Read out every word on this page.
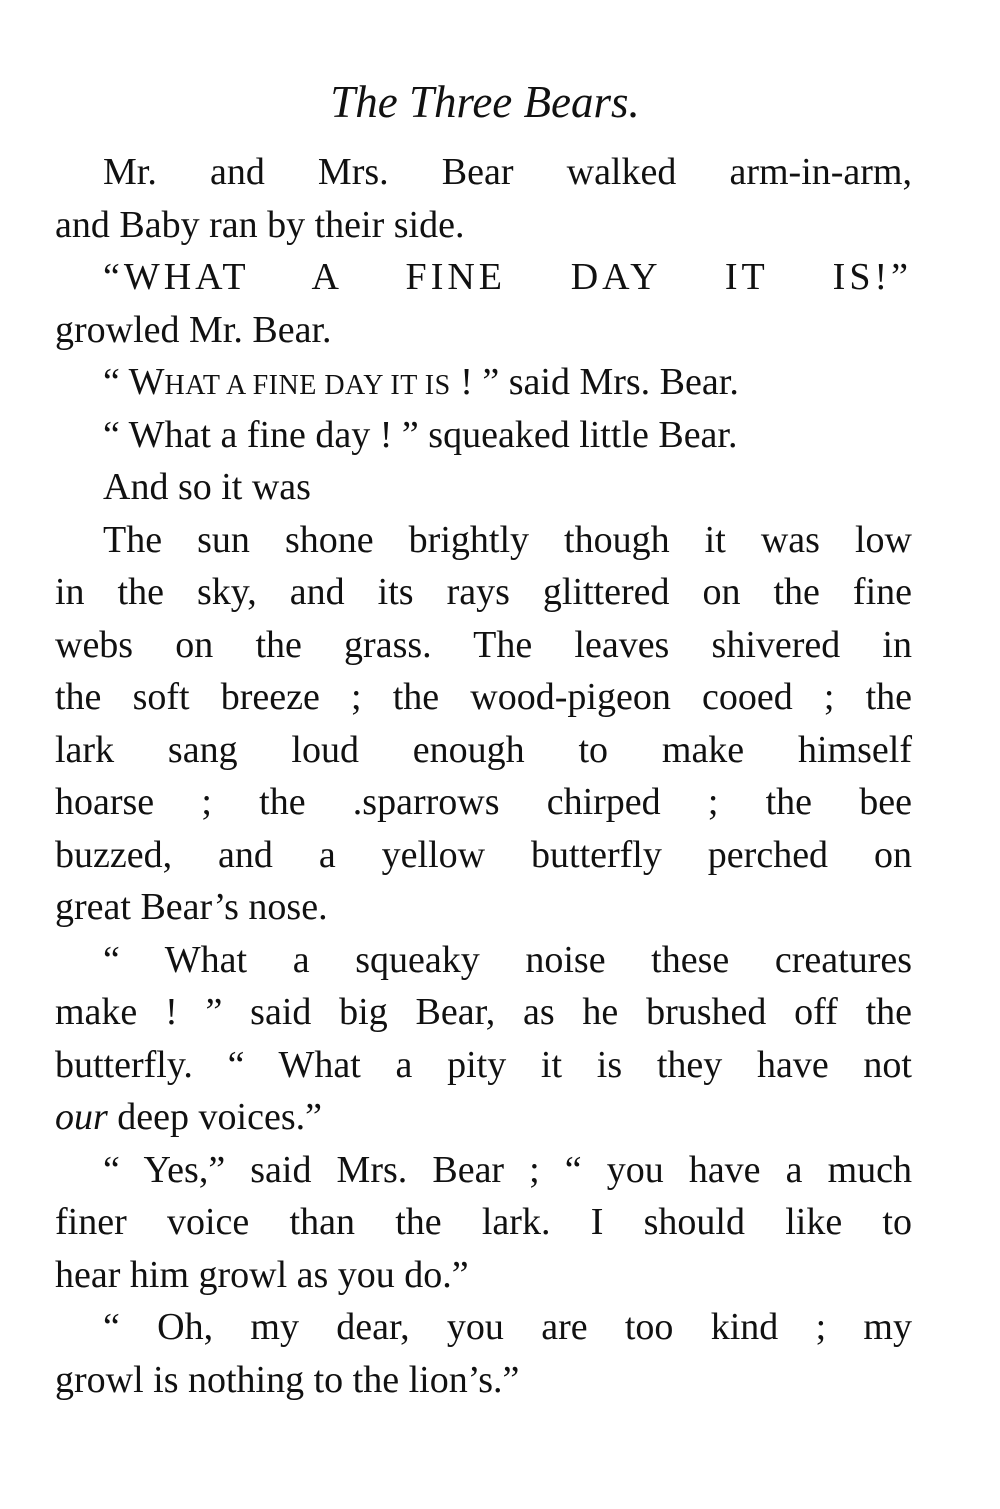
The Three Bears.
Mr. and Mrs. Bear walked arm-in-arm,
and Baby ran by their side.
“WHAT A FINE DAY IT IS!”
growled Mr. Bear.
“ WHAT A FINE DAY IT IS ! ” said Mrs. Bear.
“ What a fine day ! ” squeaked little Bear.
And so it was
The sun shone brightly though it was low
in the sky, and its rays glittered on the fine
webs on the grass. The leaves shivered in
the soft breeze ; the wood-pigeon cooed ; the
lark sang loud enough to make himself
hoarse ; the .sparrows chirped ; the bee
buzzed, and a yellow butterfly perched on
great Bear’s nose.
“ What a squeaky noise these creatures
make ! ” said big Bear, as he brushed off the
butterfly. “ What a pity it is they have not
our deep voices.”
“ Yes,” said Mrs. Bear ; “ you have a much
finer voice than the lark. I should like to
hear him growl as you do.”
“ Oh, my dear, you are too kind ; my
growl is nothing to the lion’s.”
